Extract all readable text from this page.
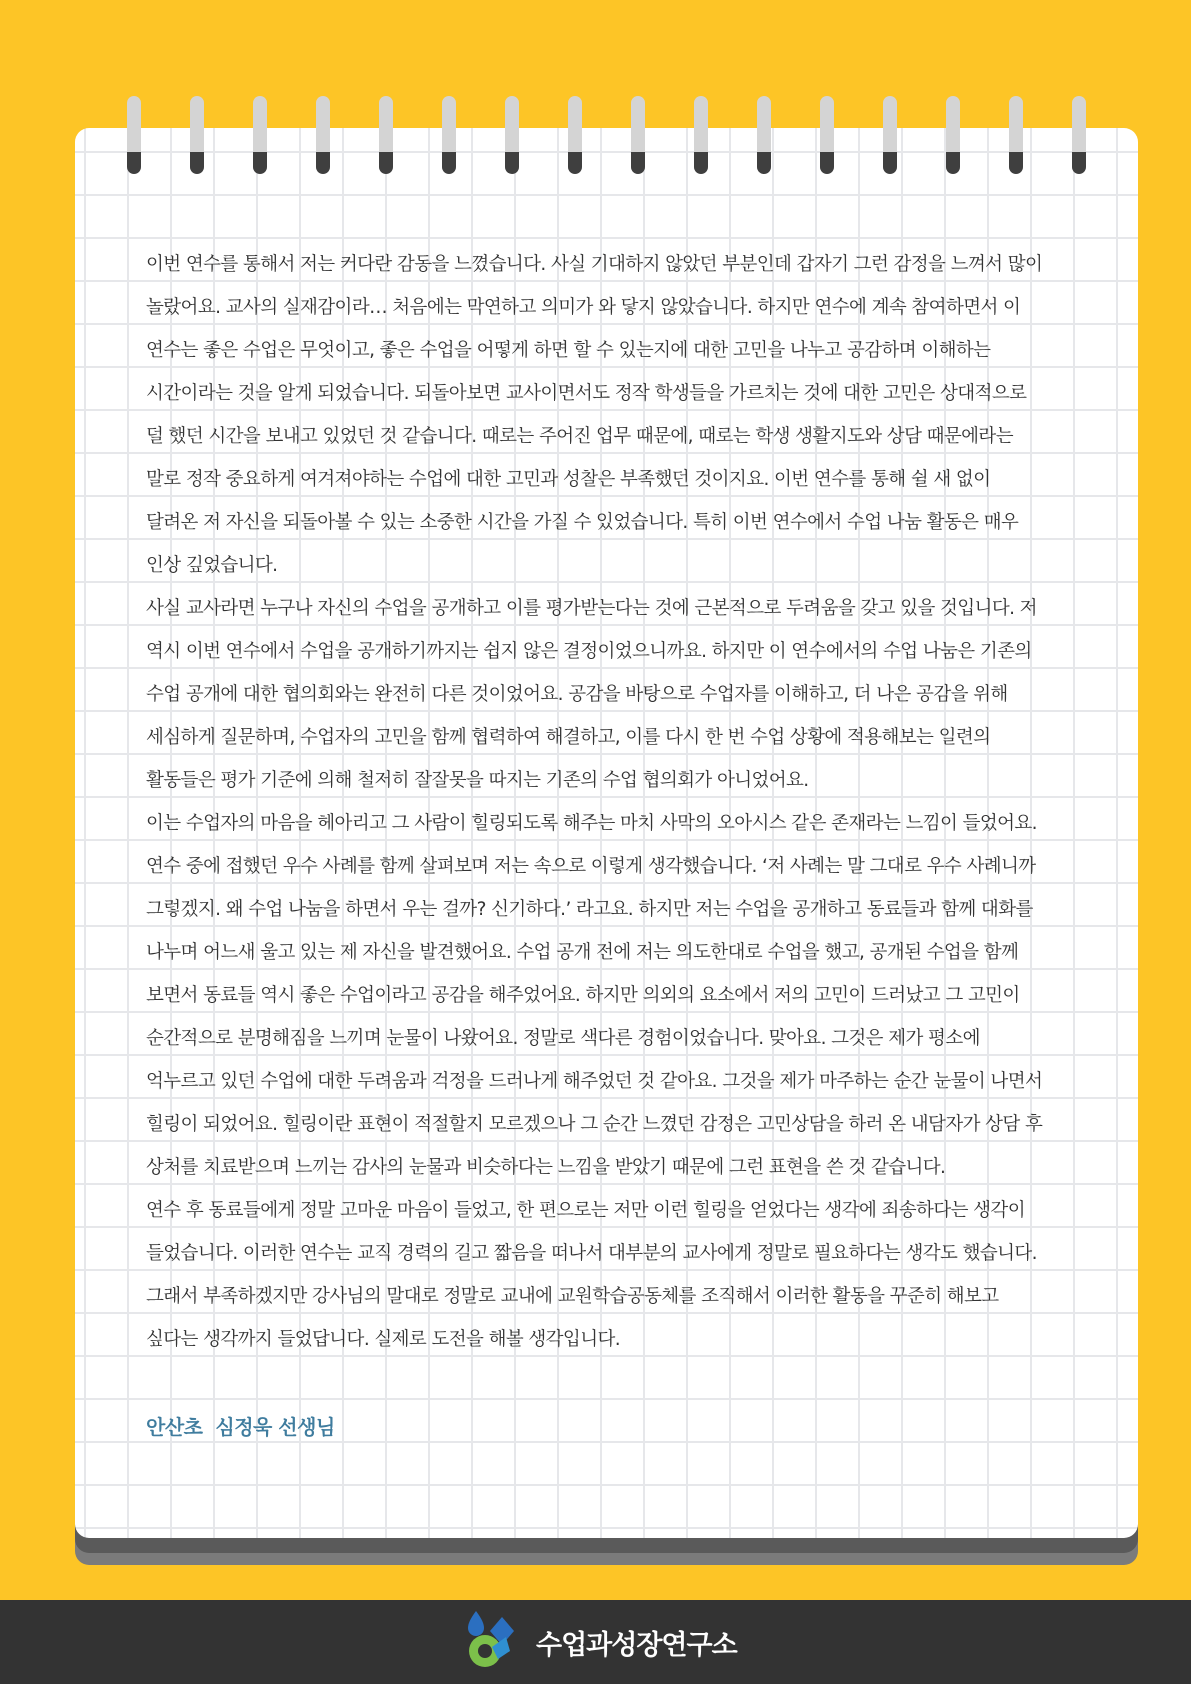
이번 연수를 통해서 저는 커다란 감동을 느꼈습니다. 사실 기대하지 않았던 부분인데 갑자기 그런 감정을 느껴서 많이 놀랐어요. 교사의 실재감이라… 처음에는 막연하고 의미가 와 닿지 않았습니다. 하지만 연수에 계속 참여하면서 이 연수는 좋은 수업은 무엇이고, 좋은 수업을 어떻게 하면 할 수 있는지에 대한 고민을 나누고 공감하며 이해하는 시간이라는 것을 알게 되었습니다. 되돌아보면 교사이면서도 정작 학생들을 가르치는 것에 대한 고민은 상대적으로 덜 했던 시간을 보내고 있었던 것 같습니다. 때로는 주어진 업무 때문에, 때로는 학생 생활지도와 상담 때문에라는 말로 정작 중요하게 여겨져야하는 수업에 대한 고민과 성찰은 부족했던 것이지요. 이번 연수를 통해 쉴 새 없이 달려온 저 자신을 되돌아볼 수 있는 소중한 시간을 가질 수 있었습니다. 특히 이번 연수에서 수업 나눔 활동은 매우 인상 깊었습니다.

사실 교사라면 누구나 자신의 수업을 공개하고 이를 평가받는다는 것에 근본적으로 두려움을 갖고 있을 것입니다. 저 역시 이번 연수에서 수업을 공개하기까지는 쉽지 않은 결정이었으니까요. 하지만 이 연수에서의 수업 나눔은 기존의 수업 공개에 대한 협의회와는 완전히 다른 것이었어요. 공감을 바탕으로 수업자를 이해하고, 더 나은 공감을 위해 세심하게 질문하며, 수업자의 고민을 함께 협력하여 해결하고, 이를 다시 한 번 수업 상황에 적용해보는 일련의 활동들은 평가 기준에 의해 철저히 잘잘못을 따지는 기존의 수업 협의회가 아니었어요.

이는 수업자의 마음을 헤아리고 그 사람이 힐링되도록 해주는 마치 사막의 오아시스 같은 존재라는 느낌이 들었어요. 연수 중에 접했던 우수 사례를 함께 살펴보며 저는 속으로 이렇게 생각했습니다. ‘저 사례는 말 그대로 우수 사례니까 그렇겠지. 왜 수업 나눔을 하면서 우는 걸까? 신기하다.’ 라고요. 하지만 저는 수업을 공개하고 동료들과 함께 대화를 나누며 어느새 울고 있는 제 자신을 발견했어요. 수업 공개 전에 저는 의도한대로 수업을 했고, 공개된 수업을 함께 보면서 동료들 역시 좋은 수업이라고 공감을 해주었어요. 하지만 의외의 요소에서 저의 고민이 드러났고 그 고민이 순간적으로 분명해짐을 느끼며 눈물이 나왔어요. 정말로 색다른 경험이었습니다. 맞아요. 그것은 제가 평소에 억누르고 있던 수업에 대한 두려움과 걱정을 드러나게 해주었던 것 같아요. 그것을 제가 마주하는 순간 눈물이 나면서 힐링이 되었어요. 힐링이란 표현이 적절할지 모르겠으나 그 순간 느꼈던 감정은 고민상담을 하러 온 내담자가 상담 후 상처를 치료받으며 느끼는 감사의 눈물과 비슷하다는 느낌을 받았기 때문에 그런 표현을 쓴 것 같습니다.

연수 후 동료들에게 정말 고마운 마음이 들었고, 한 편으로는 저만 이런 힐링을 얻었다는 생각에 죄송하다는 생각이 들었습니다. 이러한 연수는 교직 경력의 길고 짧음을 떠나서 대부분의 교사에게 정말로 필요하다는 생각도 했습니다. 그래서 부족하겠지만 강사님의 말대로 정말로 교내에 교원학습공동체를 조직해서 이러한 활동을 꾸준히 해보고 싶다는 생각까지 들었답니다. 실제로 도전을 해볼 생각입니다.

안산초  심정욱 선생님

수업과성장연구소
